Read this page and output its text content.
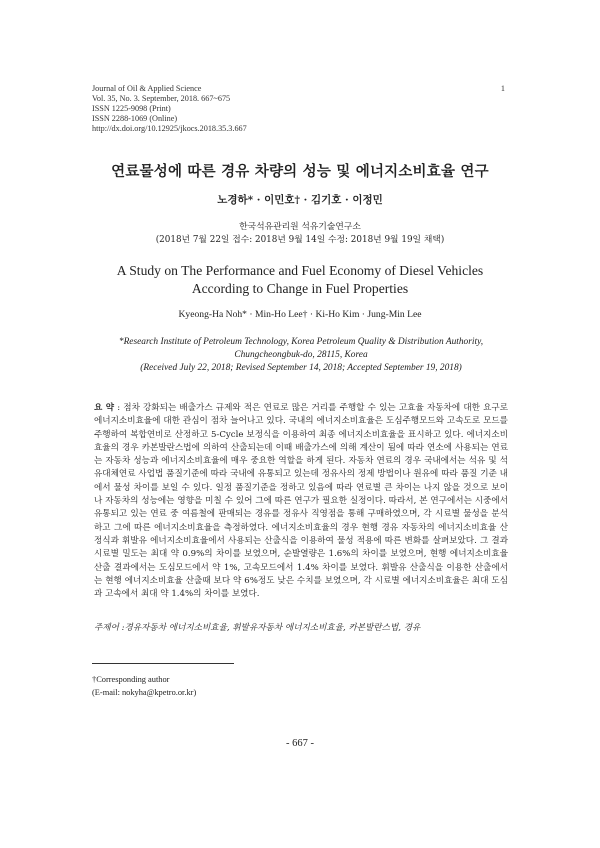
Journal of Oil & Applied Science
Vol. 35, No. 3. September, 2018. 667~675
ISSN 1225-9098 (Print)
ISSN 2288-1069 (Online)
http://dx.doi.org/10.12925/jkocs.2018.35.3.667
1
연료물성에 따른 경유 차량의 성능 및 에너지소비효율 연구
노경하* · 이민호† · 김기호 · 이정민
한국석유관리원 석유기술연구소
(2018년 7월 22일 접수: 2018년 9월 14일 수정: 2018년 9월 19일 채택)
A Study on The Performance and Fuel Economy of Diesel Vehicles
According to Change in Fuel Properties
Kyeong-Ha Noh* · Min-Ho Lee† · Ki-Ho Kim · Jung-Min Lee
*Research Institute of Petroleum Technology, Korea Petroleum Quality & Distribution Authority,
Chungcheongbuk-do, 28115, Korea
(Received July 22, 2018; Revised September 14, 2018; Accepted September 19, 2018)
요 약 : 점차 강화되는 배출가스 규제와 적은 연료로 많은 거리를 주행할 수 있는 고효율 자동차에 대한 요구로 에너지소비효율에 대한 관심이 점차 늘어나고 있다. 국내의 에너지소비효율은 도심주행모드와 고속도로 모드를 주행하여 복합연비로 산정하고 5-Cycle 보정식을 이용하여 최종 에너지소비효율을 표시하고 있다. 에너지소비효율의 경우 카본발란스법에 의하여 산출되는데 이때 배출가스에 의해 계산이 됨에 따라 연소에 사용되는 연료는 자동차 성능과 에너지소비효율에 매우 중요한 역할을 하게 된다. 자동차 연료의 경우 국내에서는 석유 및 석유대체연료 사업법 품질기준에 따라 국내에 유통되고 있는데 정유사의 정제 방법이나 원유에 따라 품질 기준 내에서 물성 차이를 보일 수 있다. 일정 품질기준을 정하고 있음에 따라 연료별 큰 차이는 나지 않을 것으로 보이나 자동차의 성능에는 영향을 미칠 수 있어 그에 따른 연구가 필요한 실정이다. 따라서, 본 연구에서는 시중에서 유통되고 있는 연료 중 여름철에 판매되는 경유를 정유사 직영점을 통해 구매하였으며, 각 시료별 물성을 분석하고 그에 따른 에너지소비효율을 측정하였다. 에너지소비효율의 경우 현행 경유 자동차의 에너지소비효율 산정식과 휘발유 에너지소비효율에서 사용되는 산출식을 이용하여 물성 적용에 따른 변화를 살펴보았다. 그 결과 시료별 밀도는 최대 약 0.9%의 차이를 보였으며, 순발열량은 1.6%의 차이를 보였으며, 현행 에너지소비효율 산출 결과에서는 도심모드에서 약 1%, 고속모드에서 1.4% 차이를 보였다. 휘발유 산출식을 이용한 산출에서는 현행 에너지소비효율 산출때 보다 약 6%정도 낮은 수치를 보였으며, 각 시료별 에너지소비효율은 최대 도심과 고속에서 최대 약 1.4%의 차이를 보였다.
주제어 :경유자동차 에너지소비효율, 휘발유자동차 에너지소비효율, 카본발란스법, 경유
†Corresponding author
(E-mail: nokyha@kpetro.or.kr)
- 667 -
